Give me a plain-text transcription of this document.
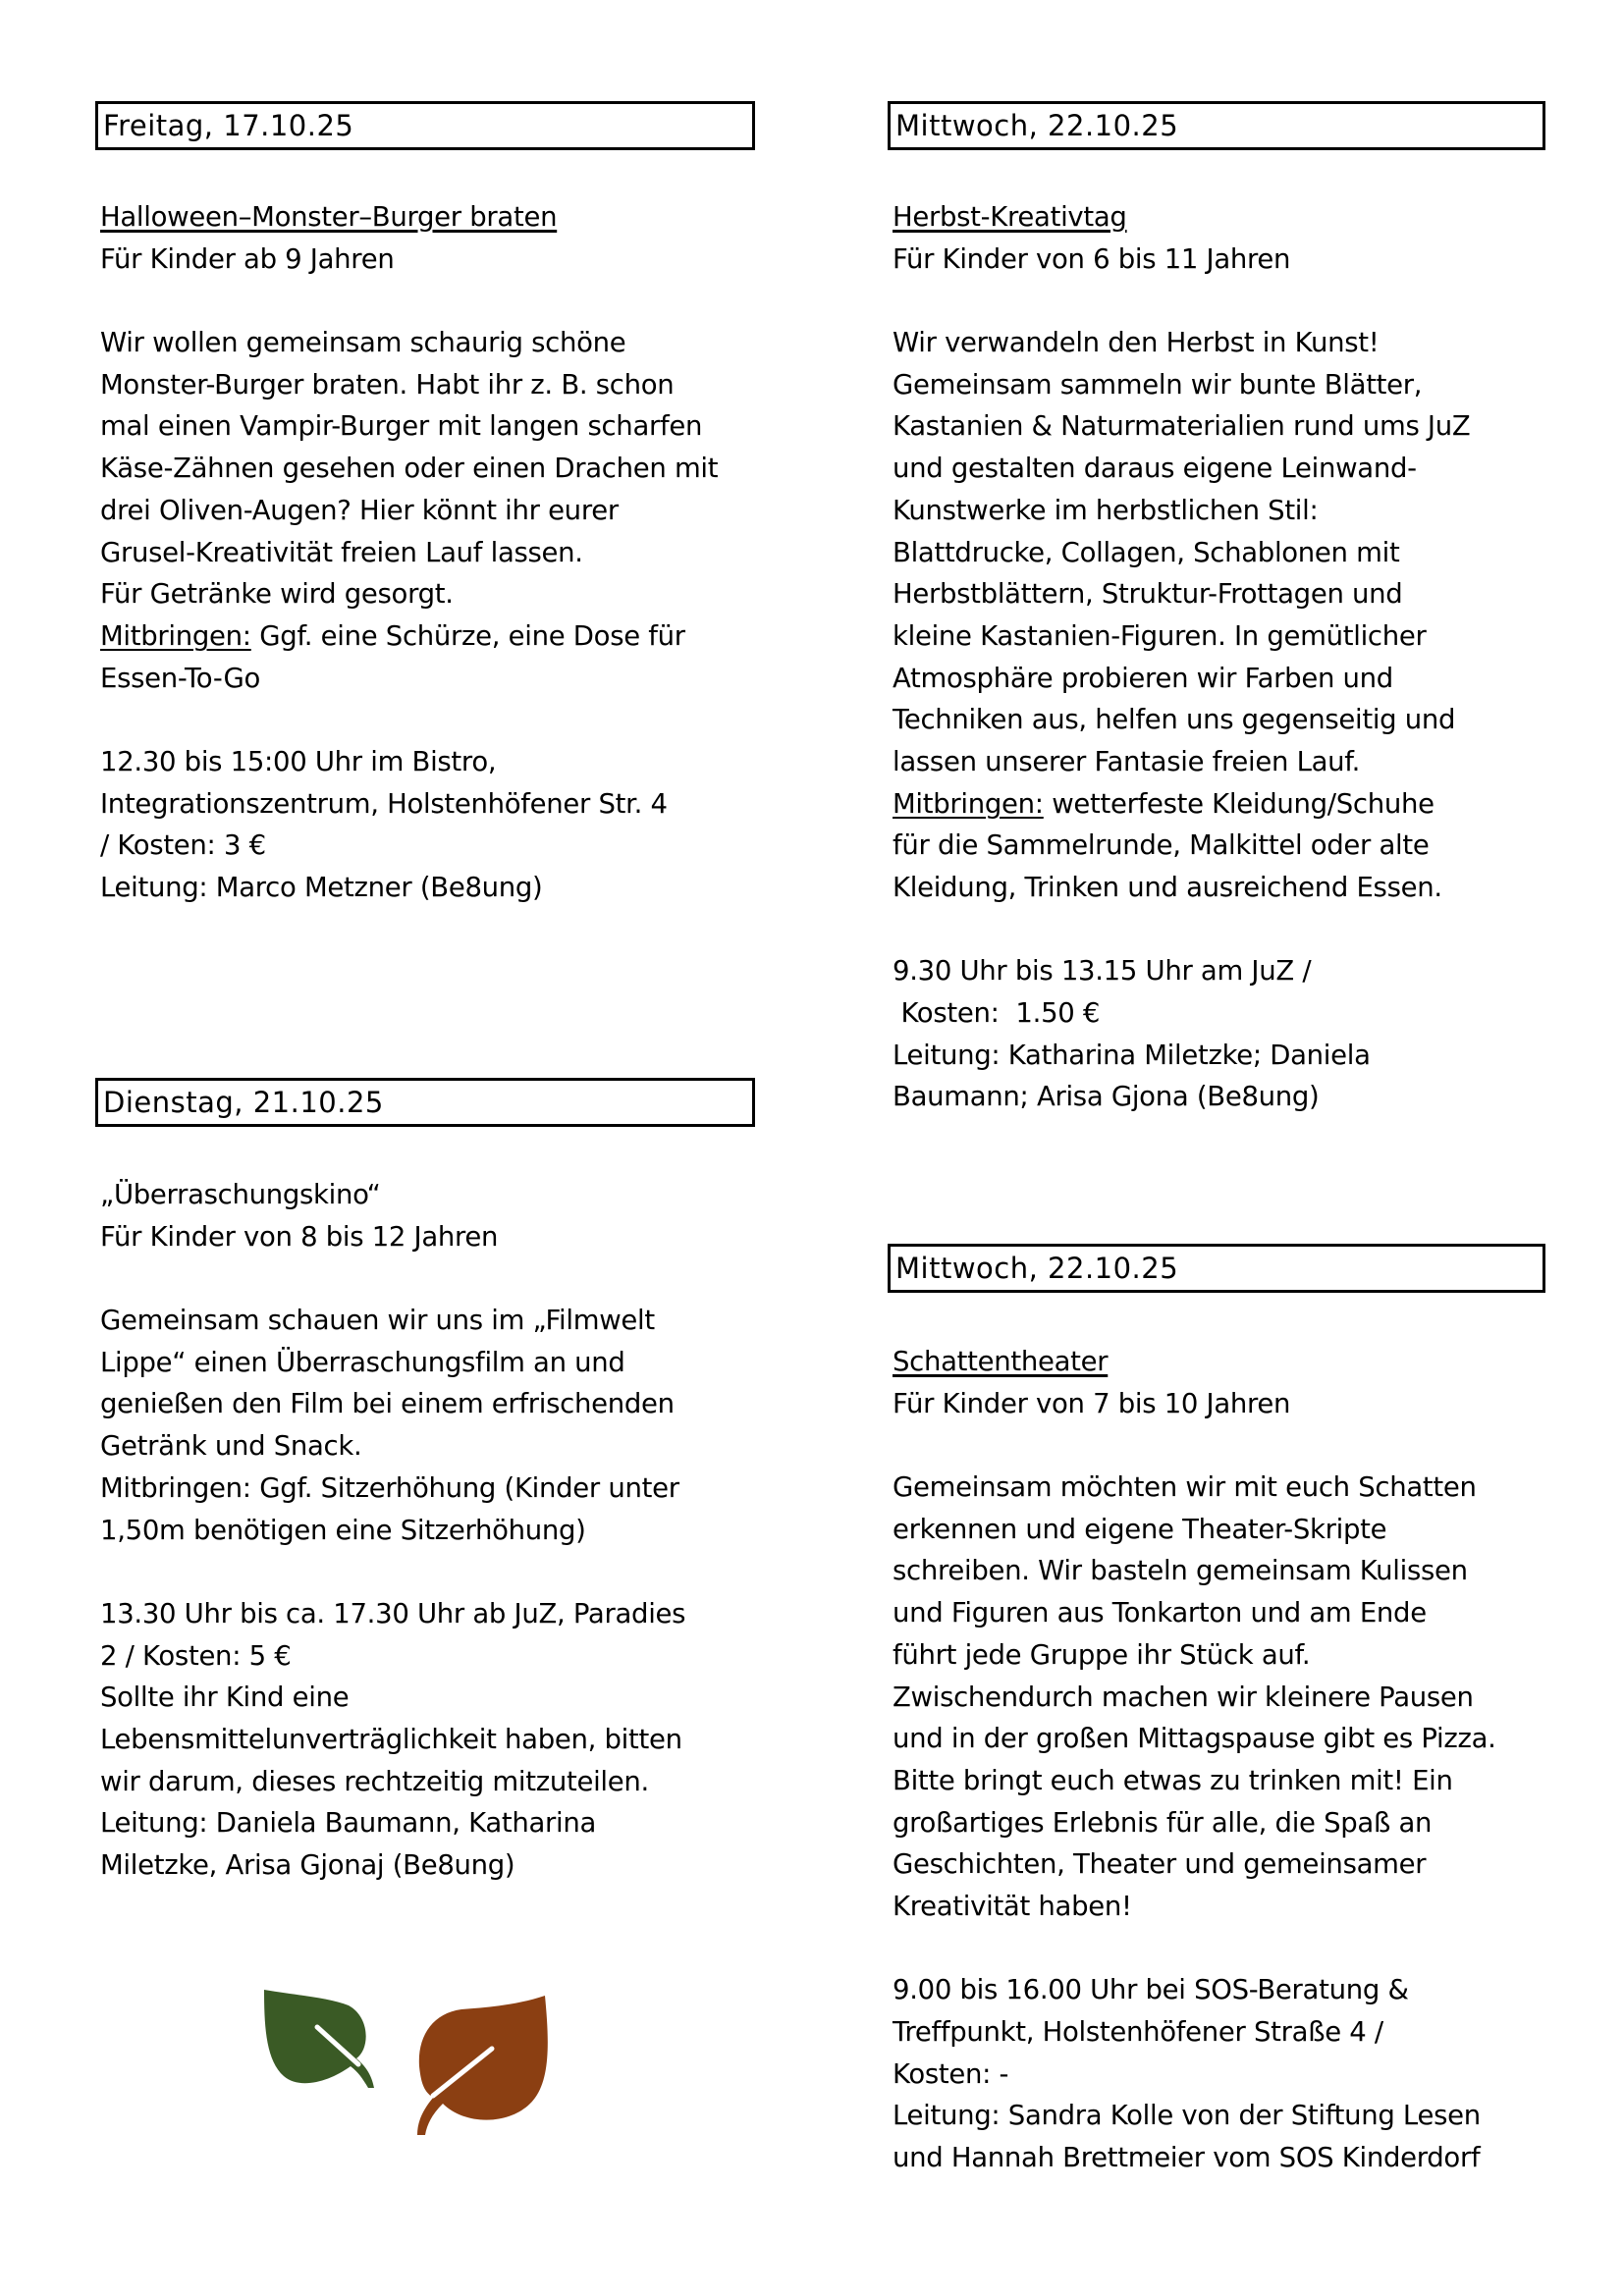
Freitag, 17.10.25
Halloween–Monster–Burger braten
Für Kinder ab 9 Jahren
Wir wollen gemeinsam schaurig schöne
Monster-Burger braten. Habt ihr z. B. schon
mal einen Vampir-Burger mit langen scharfen
Käse-Zähnen gesehen oder einen Drachen mit
drei Oliven-Augen? Hier könnt ihr eurer
Grusel-Kreativität freien Lauf lassen.
Für Getränke wird gesorgt.
Mitbringen: Ggf. eine Schürze, eine Dose für
Essen-To-Go
12.30 bis 15:00 Uhr im Bistro,
Integrationszentrum, Holstenhöfener Str. 4
/ Kosten: 3 €
Leitung: Marco Metzner (Be8ung)
Dienstag, 21.10.25
„Überraschungskino“
Für Kinder von 8 bis 12 Jahren
Gemeinsam schauen wir uns im „Filmwelt
Lippe“ einen Überraschungsfilm an und
genießen den Film bei einem erfrischenden
Getränk und Snack.
Mitbringen: Ggf. Sitzerhöhung (Kinder unter
1,50m benötigen eine Sitzerhöhung)
13.30 Uhr bis ca. 17.30 Uhr ab JuZ, Paradies
2 / Kosten: 5 €
Sollte ihr Kind eine
Lebensmittelunverträglichkeit haben, bitten
wir darum, dieses rechtzeitig mitzuteilen.
Leitung: Daniela Baumann, Katharina
Miletzke, Arisa Gjonaj (Be8ung)
Mittwoch, 22.10.25
Herbst-Kreativtag
Für Kinder von 6 bis 11 Jahren
Wir verwandeln den Herbst in Kunst!
Gemeinsam sammeln wir bunte Blätter,
Kastanien & Naturmaterialien rund ums JuZ
und gestalten daraus eigene Leinwand-
Kunstwerke im herbstlichen Stil:
Blattdrucke, Collagen, Schablonen mit
Herbstblättern, Struktur-Frottagen und
kleine Kastanien-Figuren. In gemütlicher
Atmosphäre probieren wir Farben und
Techniken aus, helfen uns gegenseitig und
lassen unserer Fantasie freien Lauf.
Mitbringen: wetterfeste Kleidung/Schuhe
für die Sammelrunde, Malkittel oder alte
Kleidung, Trinken und ausreichend Essen.
9.30 Uhr bis 13.15 Uhr am JuZ /
Kosten:  1.50 €
Leitung: Katharina Miletzke; Daniela
Baumann; Arisa Gjona (Be8ung)
Mittwoch, 22.10.25
Schattentheater
Für Kinder von 7 bis 10 Jahren
Gemeinsam möchten wir mit euch Schatten
erkennen und eigene Theater-Skripte
schreiben. Wir basteln gemeinsam Kulissen
und Figuren aus Tonkarton und am Ende
führt jede Gruppe ihr Stück auf.
Zwischendurch machen wir kleinere Pausen
und in der großen Mittagspause gibt es Pizza.
Bitte bringt euch etwas zu trinken mit! Ein
großartiges Erlebnis für alle, die Spaß an
Geschichten, Theater und gemeinsamer
Kreativität haben!
9.00 bis 16.00 Uhr bei SOS-Beratung &
Treffpunkt, Holstenhöfener Straße 4 /
Kosten: -
Leitung: Sandra Kolle von der Stiftung Lesen
und Hannah Brettmeier vom SOS Kinderdorf
